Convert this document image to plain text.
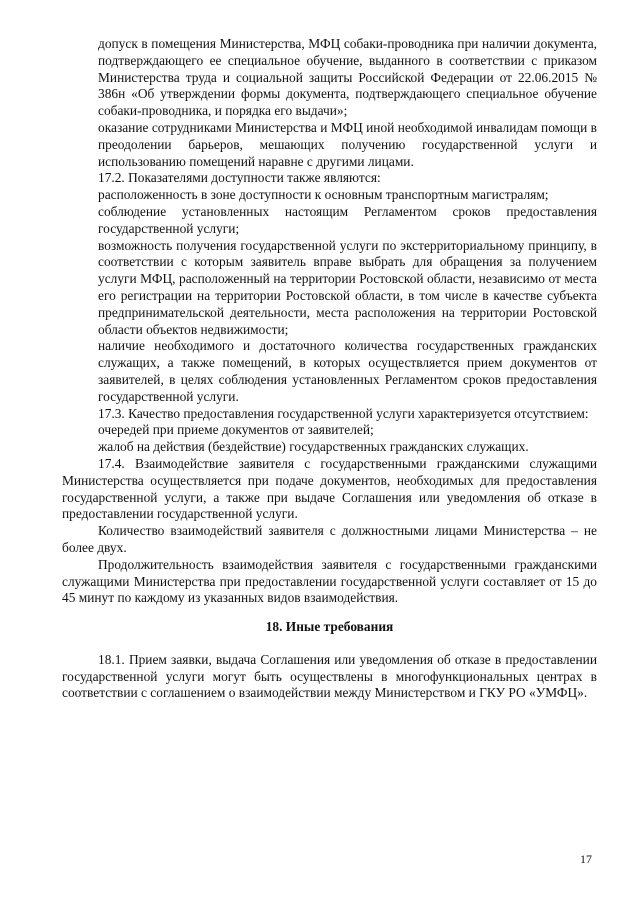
допуск в помещения Министерства, МФЦ собаки-проводника при наличии документа, подтверждающего ее специальное обучение, выданного в соответствии с приказом Министерства труда и социальной защиты Российской Федерации от 22.06.2015 № 386н «Об утверждении формы документа, подтверждающего специальное обучение собаки-проводника, и порядка его выдачи»;

оказание сотрудниками Министерства и МФЦ иной необходимой инвалидам помощи в преодолении барьеров, мешающих получению государственной услуги и использованию помещений наравне с другими лицами.

17.2. Показателями доступности также являются:

расположенность в зоне доступности к основным транспортным магистралям;

соблюдение установленных настоящим Регламентом сроков предоставления государственной услуги;

возможность получения государственной услуги по экстерриториальному принципу, в соответствии с которым заявитель вправе выбрать для обращения за получением услуги МФЦ, расположенный на территории Ростовской области, независимо от места его регистрации на территории Ростовской области, в том числе в качестве субъекта предпринимательской деятельности, места расположения на территории Ростовской области объектов недвижимости;

наличие необходимого и достаточного количества государственных гражданских служащих, а также помещений, в которых осуществляется прием документов от заявителей, в целях соблюдения установленных Регламентом сроков предоставления государственной услуги.

17.3. Качество предоставления государственной услуги характеризуется отсутствием:

очередей при приеме документов от заявителей;

жалоб на действия (бездействие) государственных гражданских служащих.

17.4. Взаимодействие заявителя с государственными гражданскими служащими Министерства осуществляется при подаче документов, необходимых для предоставления государственной услуги, а также при выдаче Соглашения или уведомления об отказе в предоставлении государственной услуги.

Количество взаимодействий заявителя с должностными лицами Министерства – не более двух.

Продолжительность взаимодействия заявителя с государственными гражданскими служащими Министерства при предоставлении государственной услуги составляет от 15 до 45 минут по каждому из указанных видов взаимодействия.

18. Иные требования

18.1. Прием заявки, выдача Соглашения или уведомления об отказе в предоставлении государственной услуги могут быть осуществлены в многофункциональных центрах в соответствии с соглашением о взаимодействии между Министерством и ГКУ РО «УМФЦ».

17
